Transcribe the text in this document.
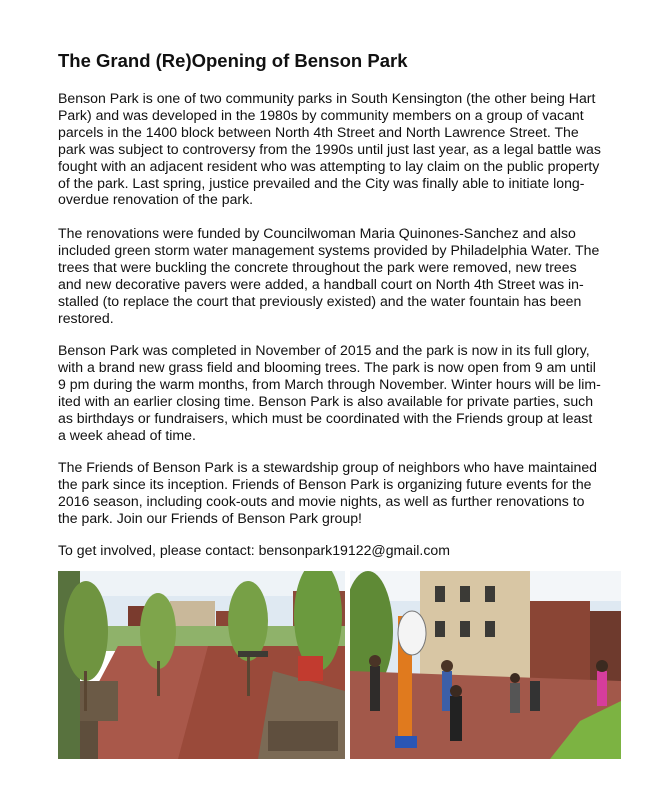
The Grand (Re)Opening of Benson Park

Benson Park is one of two community parks in South Kensington (the other being Hart
Park) and was developed in the 1980s by community members on a group of vacant
parcels in the 1400 block between North 4th Street and North Lawrence Street. The
park was subject to controversy from the 1990s until just last year, as a legal battle was
fought with an adjacent resident who was attempting to lay claim on the public property
of the park. Last spring, justice prevailed and the City was finally able to initiate long-
overdue renovation of the park.

The renovations were funded by Councilwoman Maria Quinones-Sanchez and also
included green storm water management systems provided by Philadelphia Water. The
trees that were buckling the concrete throughout the park were removed, new trees
and new decorative pavers were added, a handball court on North 4th Street was in-
stalled (to replace the court that previously existed) and the water fountain has been
restored.

Benson Park was completed in November of 2015 and the park is now in its full glory,
with a brand new grass field and blooming trees. The park is now open from 9 am until
9 pm during the warm months, from March through November. Winter hours will be lim-
ited with an earlier closing time. Benson Park is also available for private parties, such
as birthdays or fundraisers, which must be coordinated with the Friends group at least
a week ahead of time.

The Friends of Benson Park is a stewardship group of neighbors who have maintained
the park since its inception. Friends of Benson Park is organizing future events for the
2016 season, including cook-outs and movie nights, as well as further renovations to
the park. Join our Friends of Benson Park group!

To get involved, please contact: bensonpark19122@gmail.com
